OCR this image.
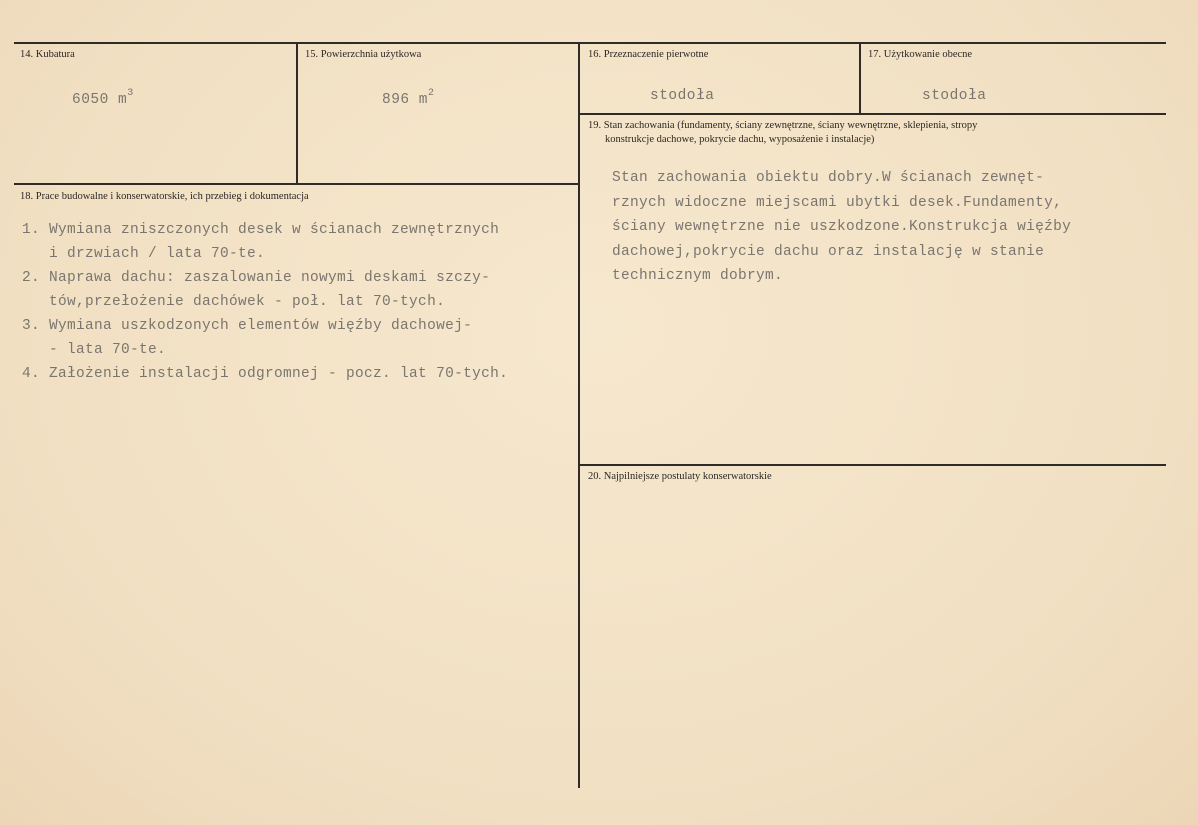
14. Kubatura
6050 $m^3$
15. Powierzchnia użytkowa
896 $m^2$
16. Przeznaczenie pierwotne
stodoła
17. Użytkowanie obecne
stodoła
18. Prace budowalne i konserwatorskie, ich przebieg i dokumentacja
1. Wymiana zniszczonych desek w ścianach zewnętrznych
i drzwiach / lata 70-te.
2. Naprawa dachu: zaszalowanie nowymi deskami szczy-
tów,przełożenie dachówek - poł. lat 70-tych.
3. Wymiana uszkodzonych elementów więźby dachowej-
- lata 70-te.
4. Założenie instalacji odgromnej - pocz. lat 70-tych.
19. Stan zachowania (fundamenty, ściany zewnętrzne, ściany wewnętrzne, sklepienia, stropy
konstrukcje dachowe, pokrycie dachu, wyposażenie i instalacje)
Stan zachowania obiektu dobry.W ścianach zewnęt-
rznych widoczne miejscami ubytki desek.Fundamenty,
ściany wewnętrzne nie uszkodzone.Konstrukcja więźby
dachowej,pokrycie dachu oraz instalację w stanie
technicznym dobrym.
20. Najpilniejsze postulaty konserwatorskie
